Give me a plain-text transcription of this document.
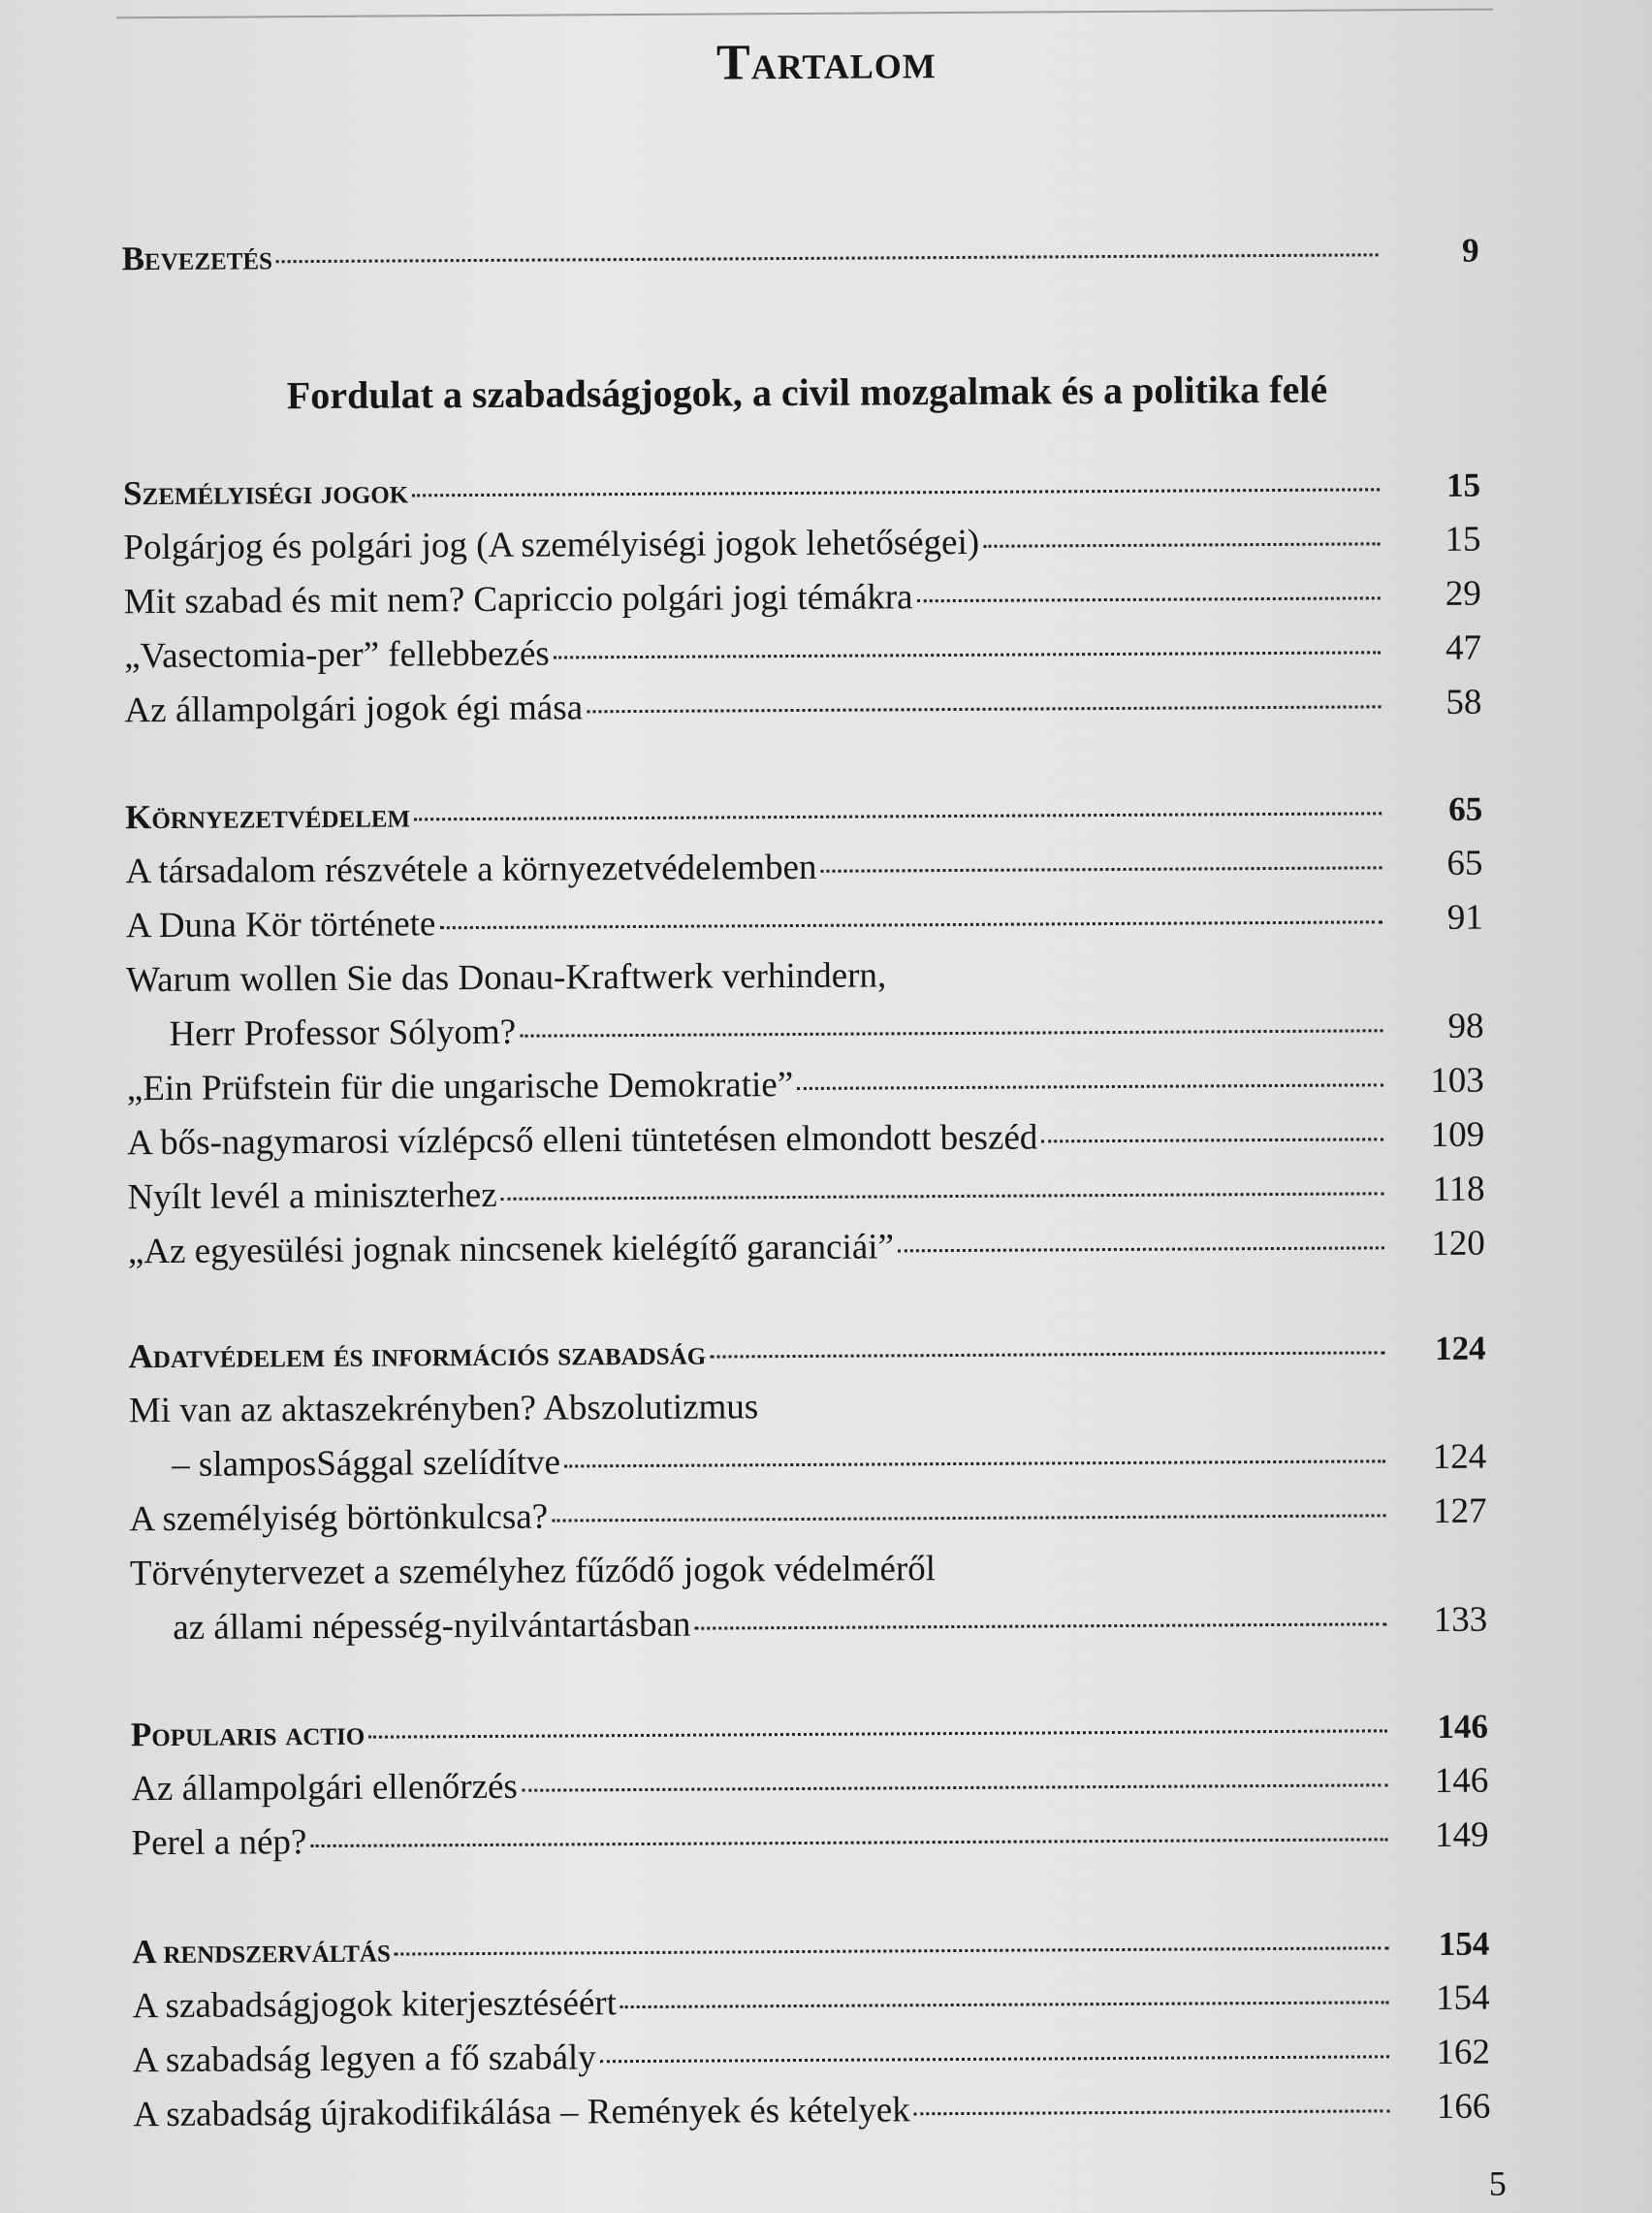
Tartalom
Bevezetés	9
Fordulat a szabadságjogok, a civil mozgalmak és a politika felé
Személyiségi jogok	15
Polgárjog és polgári jog (A személyiségi jogok lehetőségei)	15
Mit szabad és mit nem? Capriccio polgári jogi témákra	29
„Vasectomia-per” fellebbezés	47
Az állampolgári jogok égi mása	58
Környezetvédelem	65
A társadalom részvétele a környezetvédelemben	65
A Duna Kör története	91
Warum wollen Sie das Donau-Kraftwerk verhindern,
Herr Professor Sólyom?	98
„Ein Prüfstein für die ungarische Demokratie”	103
A bős-nagymarosi vízlépcső elleni tüntetésen elmondott beszéd	109
Nyílt levél a miniszterhez	118
„Az egyesülési jognak nincsenek kielégítő garanciái”	120
Adatvédelem és információs szabadság	124
Mi van az aktaszekrényben? Abszolutizmus
– slamposSággal szelídítve	124
A személyiség börtönkulcsa?	127
Törvénytervezet a személyhez fűződő jogok védelméről
az állami népesség-nyilvántartásban	133
Popularis actio	146
Az állampolgári ellenőrzés	146
Perel a nép?	149
A rendszerváltás	154
A szabadságjogok kiterjesztéséért	154
A szabadság legyen a fő szabály	162
A szabadság újrakodifikálása – Remények és kételyek	166
5
